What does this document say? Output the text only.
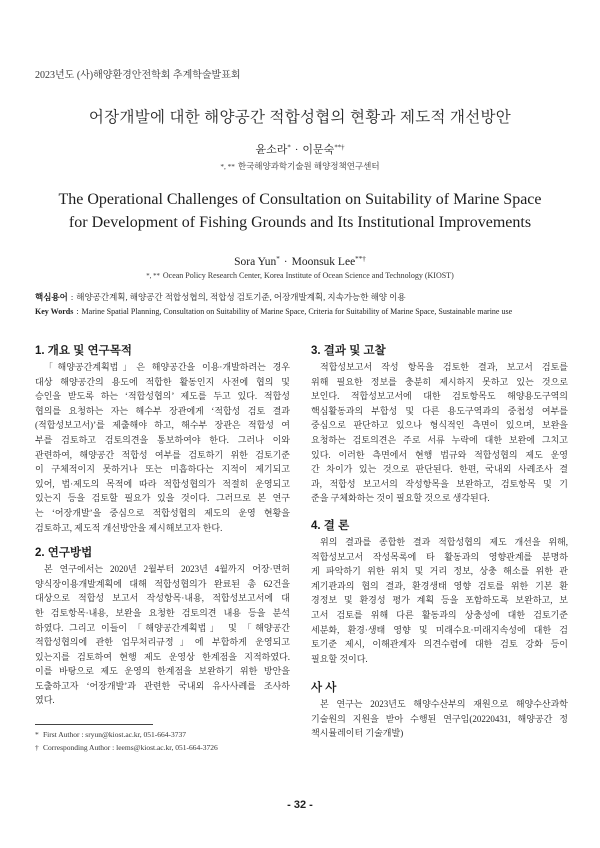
2023년도 (사)해양환경안전학회 추계학술발표회
어장개발에 대한 해양공간 적합성협의 현황과 제도적 개선방안
윤소라* · 이문숙**†
*, ** 한국해양과학기술원 해양정책연구센터
The Operational Challenges of Consultation on Suitability of Marine Space
for Development of Fishing Grounds and Its Institutional Improvements
Sora Yun* · Moonsuk Lee**†
*, ** Ocean Policy Research Center, Korea Institute of Ocean Science and Technology (KIOST)
핵심용어 : 해양공간계획, 해양공간 적합성협의, 적합성 검토기준, 어장개발계획, 지속가능한 해양 이용
Key Words : Marine Spatial Planning, Consultation on Suitability of Marine Space, Criteria for Suitability of Marine Space, Sustainable marine use
1. 개요 및 연구목적
「해양공간계획법」은 해양공간을 이용·개발하려는 경우
대상 해양공간의 용도에 적합한 활동인지 사전에 협의 및
승인을 받도록 하는 ‘적합성협의’ 제도를 두고 있다. 적합성
협의를 요청하는 자는 해수부 장관에게 ‘적합성 검토 결과
(적합성보고서)’를 제출해야 하고, 해수부 장관은 적합성 여
부를 검토하고 검토의견을 통보하여야 한다. 그러나 이와
관련하여, 해양공간 적합성 여부를 검토하기 위한 검토기준
이 구체적이지 못하거나 또는 미흡하다는 지적이 제기되고
있어, 법·제도의 목적에 따라 적합성협의가 적절히 운영되고
있는지 등을 검토할 필요가 있을 것이다. 그러므로 본 연구
는 ‘어장개발’을 중심으로 적합성협의 제도의 운영 현황을
검토하고, 제도적 개선방안을 제시해보고자 한다.
2. 연구방법
본 연구에서는 2020년 2월부터 2023년 4월까지 어장·면허
양식장이용개발계획에 대해 적합성협의가 완료된 총 62건을
대상으로 적합성 보고서 작성항목·내용, 적합성보고서에 대
한 검토항목·내용, 보완을 요청한 검토의견 내용 등을 분석
하였다. 그리고 이들이 「해양공간계획법」 및 「해양공간
적합성협의에 관한 업무처리규정」에 부합하게 운영되고
있는지를 검토하여 현행 제도 운영상 한계점을 지적하였다.
이를 바탕으로 제도 운영의 한계점을 보완하기 위한 방안을
도출하고자 ‘어장개발’과 관련한 국내외 유사사례를 조사하
였다.
3. 결과 및 고찰
적합성보고서 작성 항목을 검토한 결과, 보고서 검토를
위해 필요한 정보를 충분히 제시하지 못하고 있는 것으로
보인다. 적합성보고서에 대한 검토항목도 해양용도구역의
핵심활동과의 부합성 및 다른 용도구역과의 중첩성 여부를
중심으로 판단하고 있으나 형식적인 측면이 있으며, 보완을
요청하는 검토의견은 주로 서류 누락에 대한 보완에 그치고
있다. 이러한 측면에서 현행 법규와 적합성협의 제도 운영
간 차이가 있는 것으로 판단된다. 한편, 국내외 사례조사 결
과, 적합성 보고서의 작성항목을 보완하고, 검토항목 및 기
준을 구체화하는 것이 필요할 것으로 생각된다.
4. 결 론
위의 결과를 종합한 결과 적합성협의 제도 개선을 위해,
적합성보고서 작성목록에 타 활동과의 영향관계를 분명하
게 파악하기 위한 위치 및 거리 정보, 상충 해소를 위한 관
계기관과의 협의 결과, 환경생태 영향 검토를 위한 기본 환
경정보 및 환경성 평가 계획 등을 포함하도록 보완하고, 보
고서 검토를 위해 다른 활동과의 상충성에 대한 검토기준
세분화, 환경·생태 영향 및 미래수요·미래지속성에 대한 검
토기준 제시, 이해관계자 의견수렴에 대한 검토 강화 등이
필요할 것이다.
사 사
본 연구는 2023년도 해양수산부의 재원으로 해양수산과학
기술원의 지원을 받아 수행된 연구임(20220431, 해양공간 정
책시뮬레이터 기술개발)
* First Author : sryun@kiost.ac.kr, 051-664-3737
† Corresponding Author : leems@kiost.ac.kr, 051-664-3726
- 32 -
